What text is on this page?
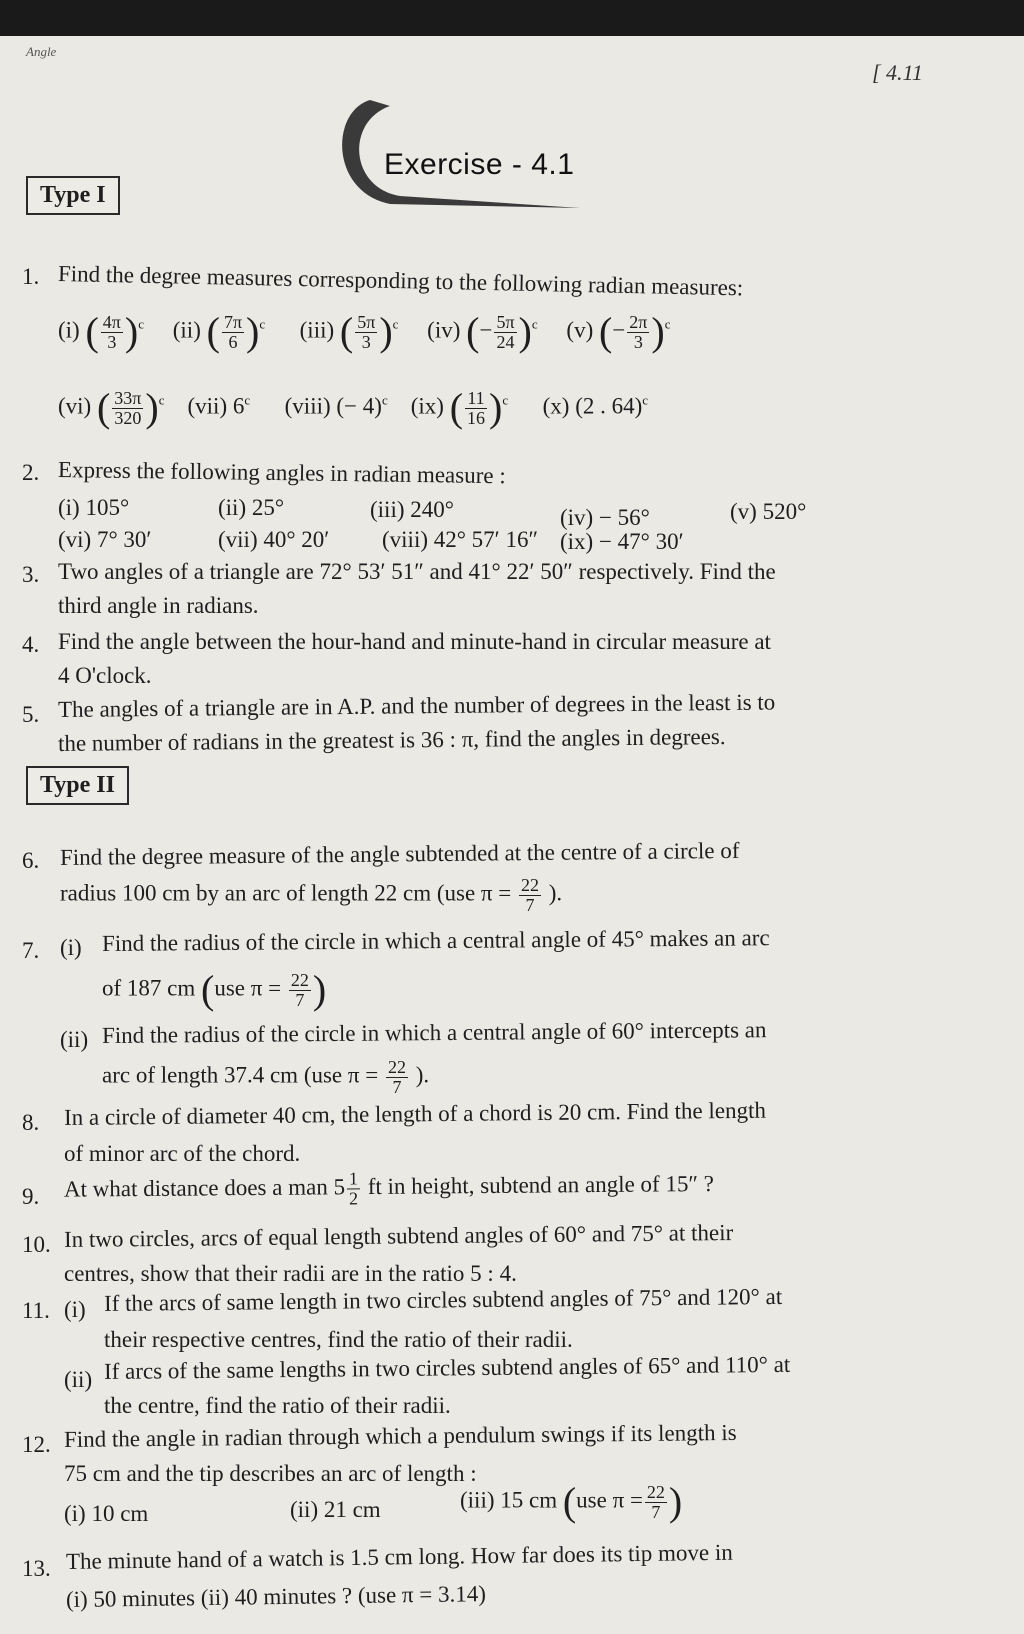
Angle
[ 4.11
Exercise - 4.1
Type I
1. Find the degree measures corresponding to the following radian measures:
(i) ( $\frac{4\pi}{3} )^c$ (ii) ( $\frac{7\pi}{6} )^c$ (iii) ( $\frac{5\pi}{3} )^c$ (iv) (− $\frac{5\pi}{24} )^c$ (v) (− $\frac{2\pi}{3} )^c$
(vi) ( $\frac{33\pi}{320} )^c$ (vii) 6$^c$ (viii) (− 4)$^c$ (ix) ( $\frac{11}{16} )^c$ (x) (2 . 64)$^c$
2. Express the following angles in radian measure :
(i) 105°	(ii) 25°	(iii) 240°	(iv) − 56°	(v) 520°
(vi) 7° 30′	(vii) 40° 20′ (viii) 42° 57′ 16″ (ix) − 47° 30′
3. Two angles of a triangle are 72° 53′ 51″ and 41° 22′ 50″ respectively. Find the
third angle in radians.
4. Find the angle between the hour-hand and minute-hand in circular measure at
4 O'clock.
5. The angles of a triangle are in A.P. and the number of degrees in the least is to
the number of radians in the greatest is 36 : π, find the angles in degrees.
Type II
6. Find the degree measure of the angle subtended at the centre of a circle of
radius 100 cm by an arc of length 22 cm (use $\pi = \frac{22}{7}$ ).
7. (i) Find the radius of the circle in which a central angle of 45° makes an arc
of 187 cm (use $\pi = \frac{22}{7}$ )
(ii) Find the radius of the circle in which a central angle of 60° intercepts an
arc of length 37.4 cm (use $\pi = \frac{22}{7}$ ).
8. In a circle of diameter 40 cm, the length of a chord is 20 cm. Find the length
of minor arc of the chord.
9. At what distance does a man $5 \frac{1}{2}$ ft in height, subtend an angle of 15″ ?
10. In two circles, arcs of equal length subtend angles of 60° and 75° at their
centres, show that their radii are in the ratio 5 : 4.
11. (i) If the arcs of same length in two circles subtend angles of 75° and 120° at
their respective centres, find the ratio of their radii.
(ii) If arcs of the same lengths in two circles subtend angles of 65° and 110° at
the centre, find the ratio of their radii.
12. Find the angle in radian through which a pendulum swings if its length is
75 cm and the tip describes an arc of length :
(i) 10 cm	(ii) 21 cm	(iii) 15 cm (use $\pi = \frac{22}{7}$ )
13. The minute hand of a watch is 1.5 cm long. How far does its tip move in
(i) 50 minutes (ii) 40 minutes ? (use π = 3.14)
